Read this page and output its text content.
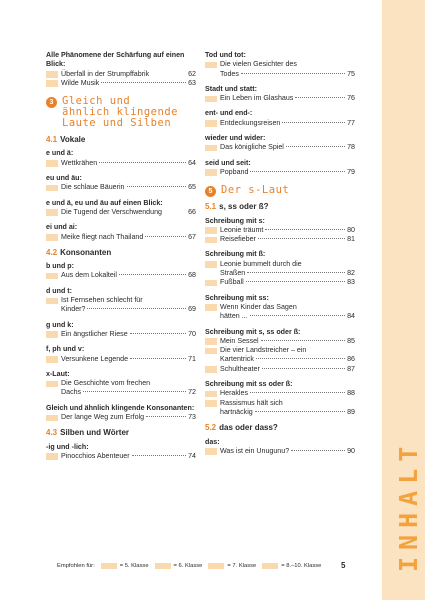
INHALT
Alle Phänomene der Schärfung auf einen Blick:
Überfall in der Strumpffabrik	62
Wilde Musik	63
3 Gleich und
ähnlich klingende
Laute und Silben
4.1 Vokale
e und ä:
Wettkrähen	64
eu und äu:
Die schlaue Bäuerin	65
e und ä, eu und äu auf einen Blick:
Die Tugend der Verschwendung	66
ei und ai:
Meike fliegt nach Thailand	67
4.2 Konsonanten
b und p:
Aus dem Lokalteil	68
d und t:
Ist Fernsehen schlecht für
Kinder?	69
g und k:
Ein ängstlicher Riese	70
f, ph und v:
Versunkene Legende	71
x-Laut:
Die Geschichte vom frechen
Dachs	72
Gleich und ähnlich klingende Konsonanten:
Der lange Weg zum Erfolg	73
4.3 Silben und Wörter
-ig und -lich:
Pinocchios Abenteuer	74
Tod und tot:
Die vielen Gesichter des
Todes	75
Stadt und statt:
Ein Leben im Glashaus	76
ent- und end-:
Entdeckungsreisen	77
wieder und wider:
Das königliche Spiel	78
seid und seit:
Popband	79
5 Der s-Laut
5.1 s, ss oder ß?
Schreibung mit s:
Leonie träumt	80
Reisefieber	81
Schreibung mit ß:
Leonie bummelt durch die
Straßen	82
Fußball	83
Schreibung mit ss:
Wenn Kinder das Sagen
hätten ...	84
Schreibung mit s, ss oder ß:
Mein Sessel	85
Die vier Landstreicher – ein
Kartentrick	86
Schultheater	87
Schreibung mit ss oder ß:
Herakles	88
Rassismus hält sich
hartnäckig	89
5.2 das oder dass?
das:
Was ist ein Unugunu?	90
Empfohlen für:	= 5. Klasse	= 6. Klasse	= 7. Klasse	= 8.–10. Klasse 5
